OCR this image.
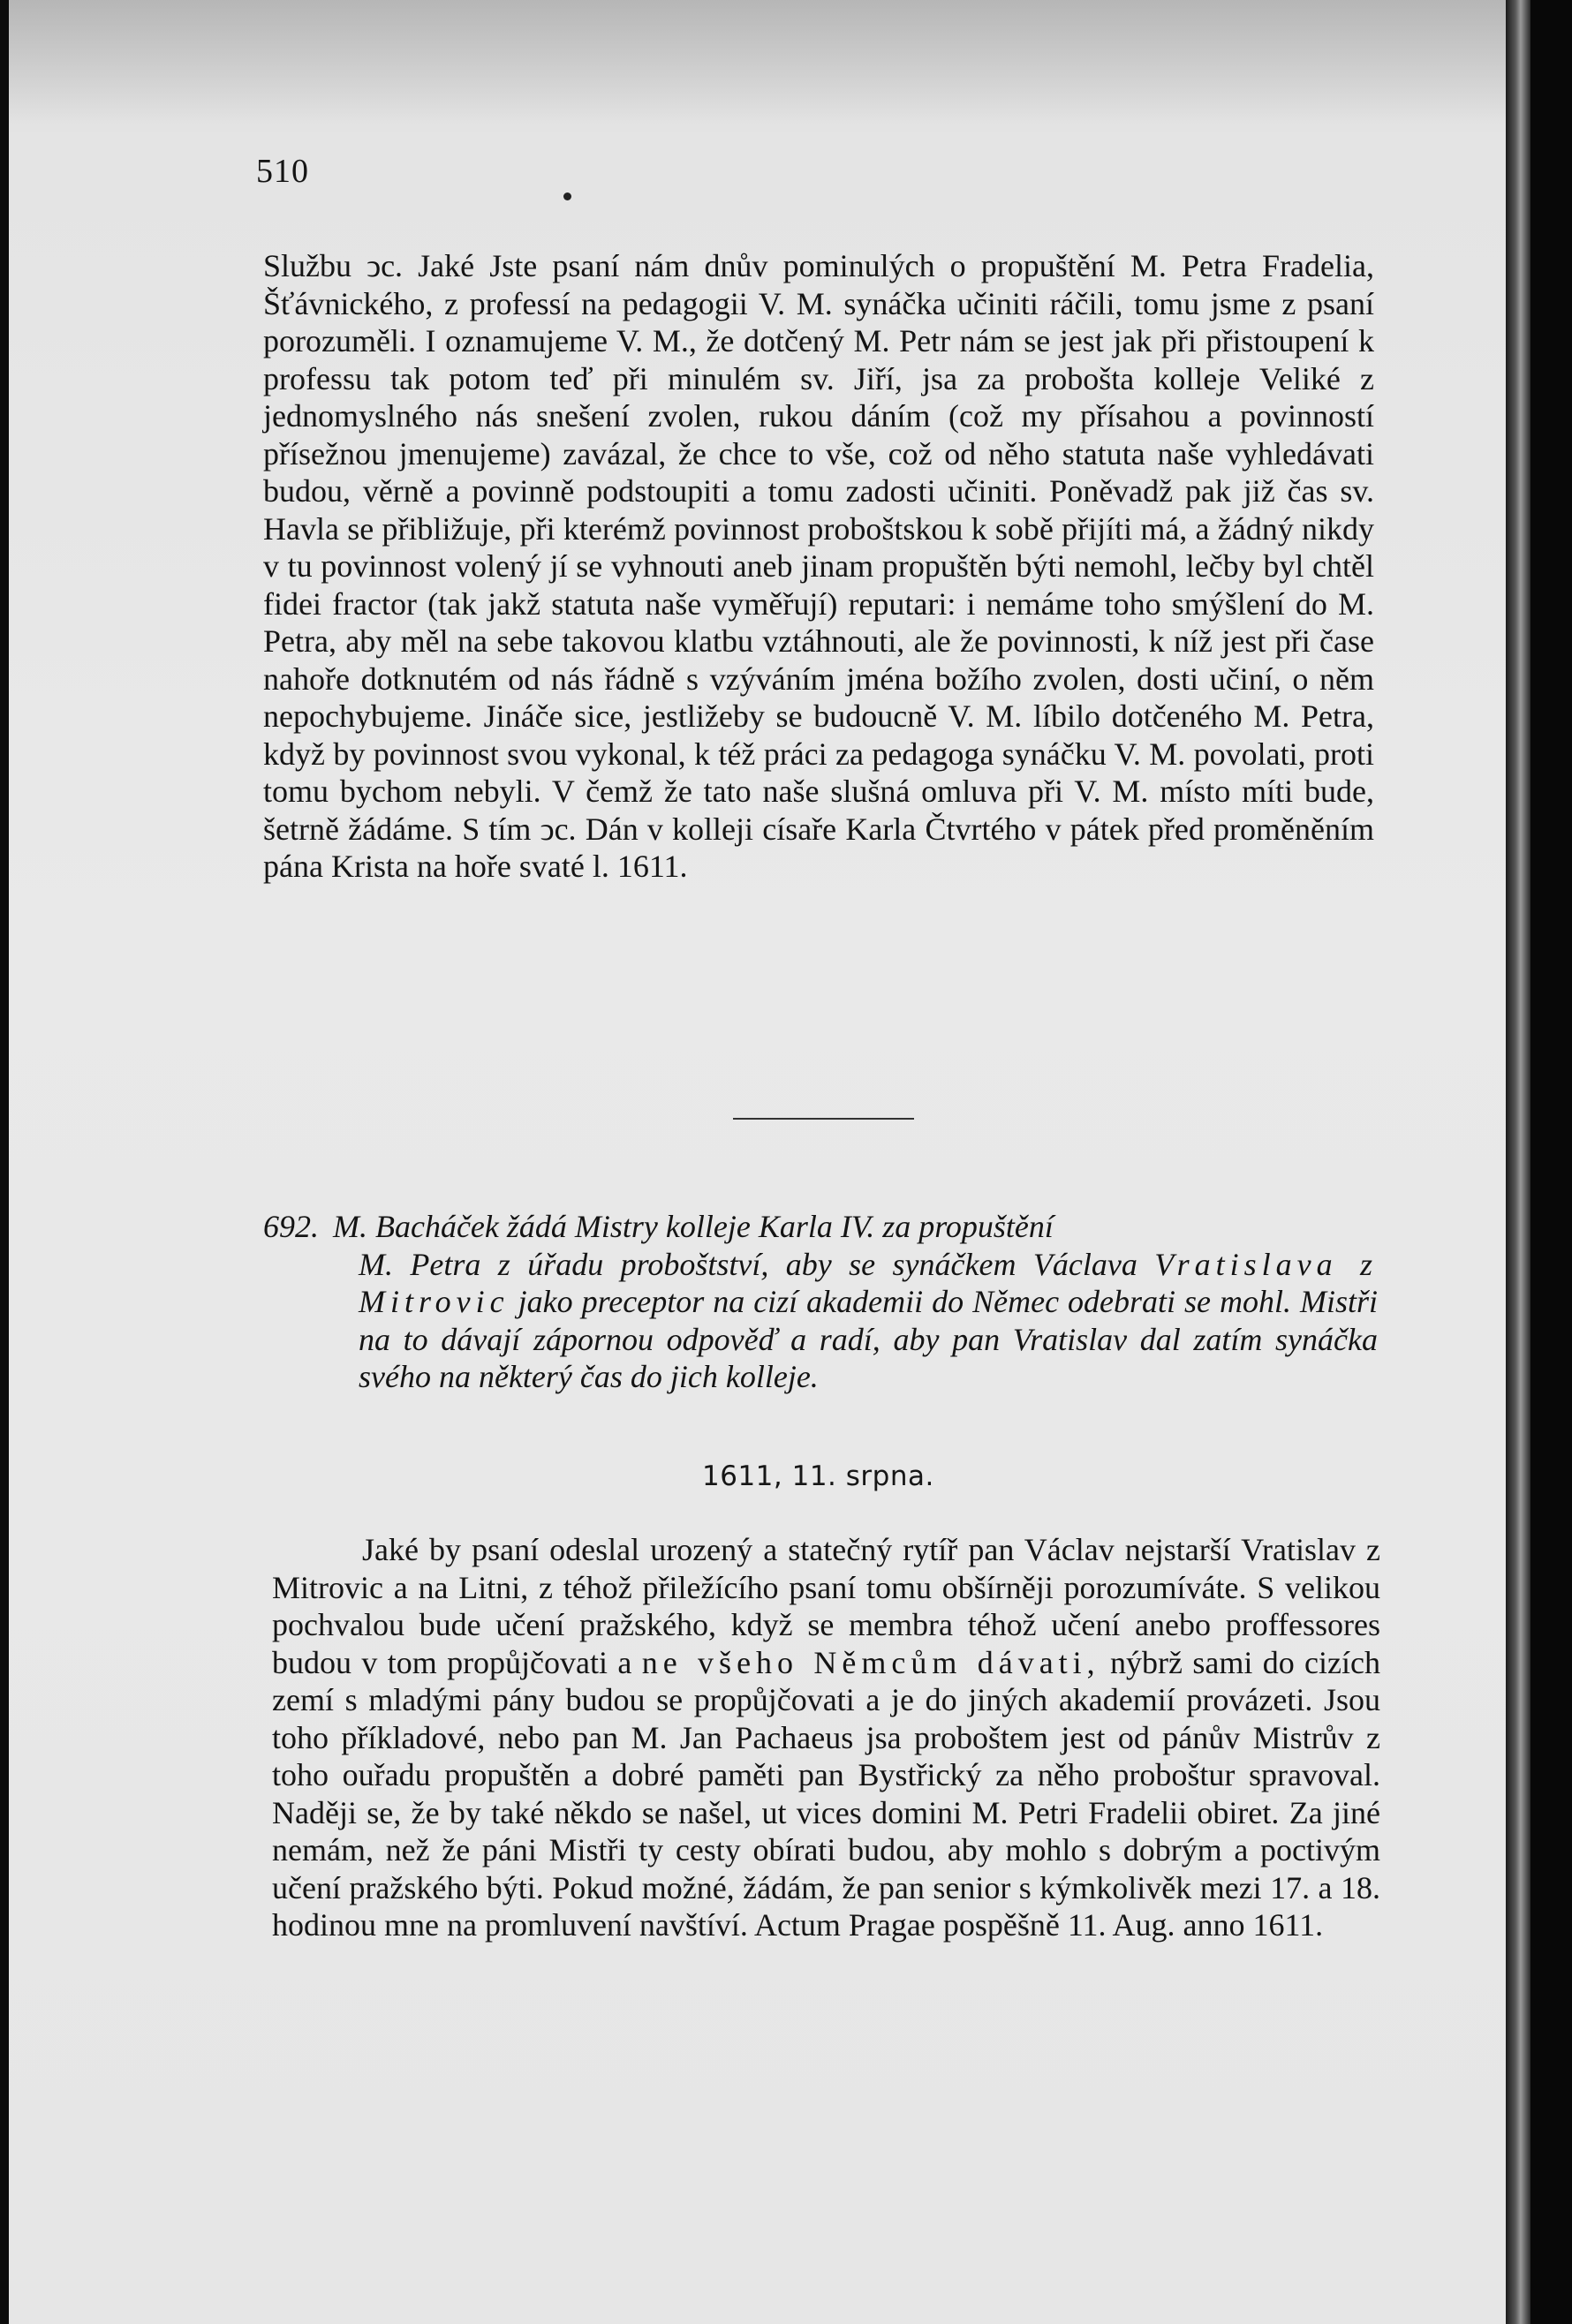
510

Službu ͻc. Jaké Jste psaní nám dnův pominulých o propuštění M. Petra Fradelia, Šťávnického, z professí na pedagogii V. M. synáčka učiniti ráčili, tomu jsme z psaní porozuměli. I oznamujeme V. M., že dotčený M. Petr nám se jest jak při přistoupení k professu tak potom teď při minulém sv. Jiří, jsa za probošta kolleje Veliké z jednomyslného nás snešení zvolen, rukou dáním (což my přísahou a povinností přísežnou jmenujeme) zavázal, že chce to vše, což od něho statuta naše vyhledávati budou, věrně a povinně podstoupiti a tomu zadosti učiniti. Poněvadž pak již čas sv. Havla se přibližuje, při kterémž povinnost proboštskou k sobě přijíti má, a žádný nikdy v tu povinnost volený jí se vyhnouti aneb jinam propuštěn býti nemohl, lečby byl chtěl fidei fractor (tak jakž statuta naše vyměřují) reputari: i nemáme toho smýšlení do M. Petra, aby měl na sebe takovou klatbu vztáhnouti, ale že povinnosti, k níž jest při čase nahoře dotknutém od nás řádně s vzýváním jména božího zvolen, dosti učiní, o něm nepochybujeme. Jináče sice, jestližeby se budoucně V. M. líbilo dotčeného M. Petra, když by povinnost svou vykonal, k též práci za pedagoga synáčku V. M. povolati, proti tomu bychom nebyli. V čemž že tato naše slušná omluva při V. M. místo míti bude, šetrně žádáme. S tím ͻc. Dán v kolleji císaře Karla Čtvrtého v pátek před proměněním pána Krista na hoře svaté l. 1611.

692. M. Bacháček žádá Mistry kolleje Karla IV. za propuštění
M. Petra z úřadu proboštství, aby se synáčkem Václava Vratislava z Mitrovic jako preceptor na cizí akademii do Němec odebrati se mohl. Mistři na to dávají zápornou odpověď a radí, aby pan Vratislav dal zatím synáčka svého na některý čas do jich kolleje.
1611, 11. srpna.

Jaké by psaní odeslal urozený a statečný rytíř pan Václav nejstarší Vratislav z Mitrovic a na Litni, z téhož přiležícího psaní tomu obšírněji porozumíváte. S velikou pochvalou bude učení pražského, když se membra téhož učení anebo proffessores budou v tom propůjčovati a ne všeho Němcům dávati, nýbrž sami do cizích zemí s mladými pány budou se propůjčovati a je do jiných akademií provázeti. Jsou toho příkladové, nebo pan M. Jan Pachaeus jsa proboštem jest od pánův Mistrův z toho ouřadu propuštěn a dobré paměti pan Bystřický za něho proboštur spravoval. Naději se, že by také někdo se našel, ut vices domini M. Petri Fradelii obiret. Za jiné nemám, než že páni Mistři ty cesty obírati budou, aby mohlo s dobrým a poctivým učení pražského býti. Pokud možné, žádám, že pan senior s kýmkolivěk mezi 17. a 18. hodinou mne na promluvení navštíví. Actum Pragae pospěšně 11. Aug. anno 1611.
